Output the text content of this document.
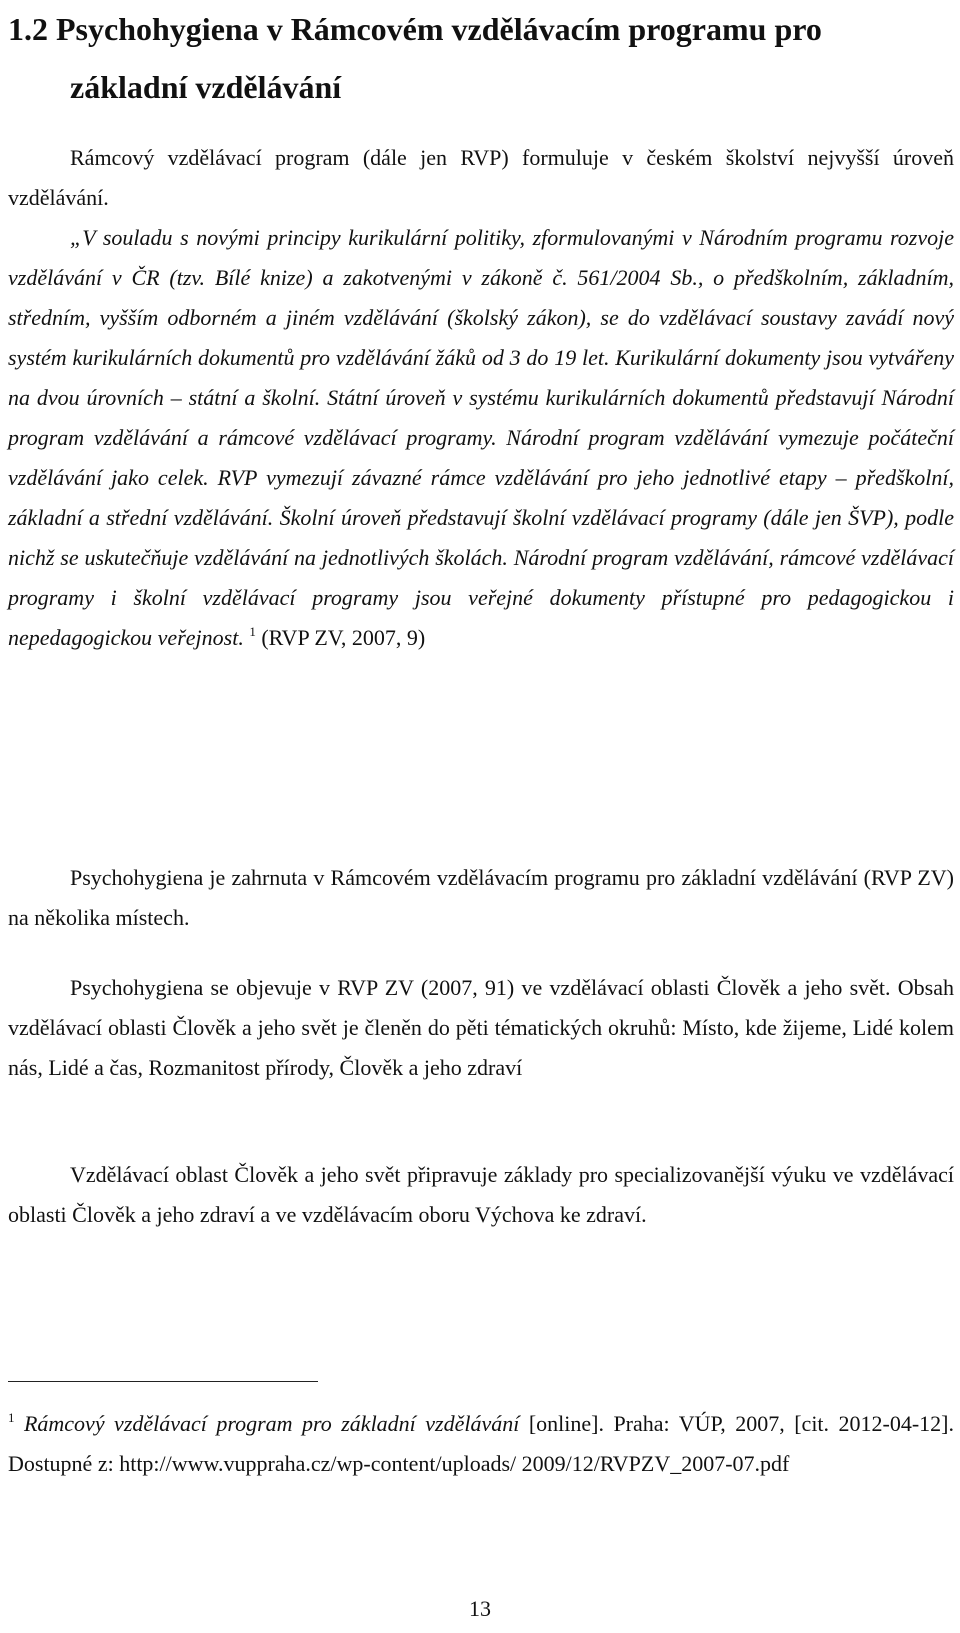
1.2 Psychohygiena v Rámcovém vzdělávacím programu pro
základní vzdělávání

Rámcový vzdělávací program (dále jen RVP) formuluje v českém školství nejvyšší úroveň vzdělávání.

„V souladu s novými principy kurikulární politiky, zformulovanými v Národním programu rozvoje vzdělávání v ČR (tzv. Bílé knize) a zakotvenými v zákoně č. 561/2004 Sb., o předškolním, základním, středním, vyšším odborném a jiném vzdělávání (školský zákon), se do vzdělávací soustavy zavádí nový systém kurikulárních dokumentů pro vzdělávání žáků od 3 do 19 let. Kurikulární dokumenty jsou vytvářeny na dvou úrovních – státní a školní. Státní úroveň v systému kurikulárních dokumentů představují Národní program vzdělávání a rámcové vzdělávací programy. Národní program vzdělávání vymezuje počáteční vzdělávání jako celek. RVP vymezují závazné rámce vzdělávání pro jeho jednotlivé etapy – předškolní, základní a střední vzdělávání. Školní úroveň představují školní vzdělávací programy (dále jen ŠVP), podle nichž se uskutečňuje vzdělávání na jednotlivých školách. Národní program vzdělávání, rámcové vzdělávací programy i školní vzdělávací programy jsou veřejné dokumenty přístupné pro pedagogickou i nepedagogickou veřejnost. $^1$ (RVP ZV, 2007, 9)

Psychohygiena je zahrnuta v Rámcovém vzdělávacím programu pro základní vzdělávání (RVP ZV) na několika místech.

Psychohygiena se objevuje v RVP ZV (2007, 91) ve vzdělávací oblasti Člověk a jeho svět. Obsah vzdělávací oblasti Člověk a jeho svět je členěn do pěti tématických okruhů: Místo, kde žijeme, Lidé kolem nás, Lidé a čas, Rozmanitost přírody, Člověk a jeho zdraví

Vzdělávací oblast Člověk a jeho svět připravuje základy pro specializovanější výuku ve vzdělávací oblasti Člověk a jeho zdraví a ve vzdělávacím oboru Výchova ke zdraví.

$^1$ Rámcový vzdělávací program pro základní vzdělávání [online]. Praha: VÚP, 2007, [cit. 2012-04-12]. Dostupné z: http://www.vuppraha.cz/wp-content/uploads/ 2009/12/RVPZV_2007-07.pdf

13
